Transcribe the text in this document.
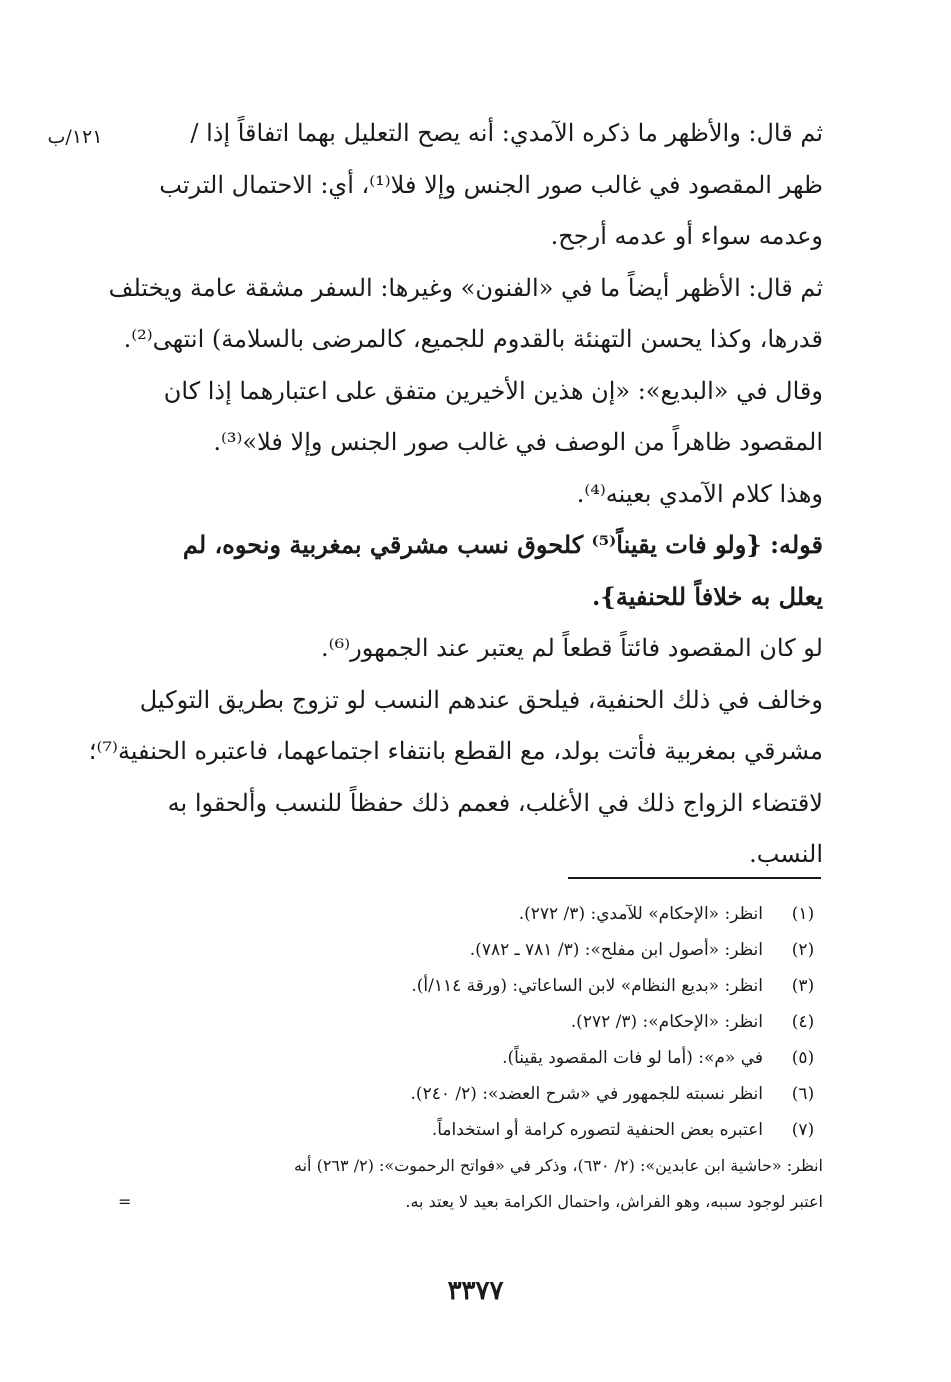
١٢١/ب	ثم قال: والأظهر ما ذكره الآمدي: أنه يصح التعليل بهما اتفاقاً إذا /
ظهر المقصود في غالب صور الجنس وإلا فلا⁽¹⁾، أي: الاحتمال الترتب
وعدمه سواء أو عدمه أرجح.
ثم قال: الأظهر أيضاً ما في «الفنون» وغيرها: السفر مشقة عامة ويختلف
قدرها، وكذا يحسن التهنئة بالقدوم للجميع، كالمرضى بالسلامة) انتهى⁽²⁾.
وقال في «البديع»: «إن هذين الأخيرين متفق على اعتبارهما إذا كان
المقصود ظاهراً من الوصف في غالب صور الجنس وإلا فلا»⁽³⁾.
وهذا كلام الآمدي بعينه⁽⁴⁾.
قوله: {ولو فات يقيناً⁽⁵⁾ كلحوق نسب مشرقي بمغربية ونحوه، لم
يعلل به خلافاً للحنفية}.
لو كان المقصود فائتاً قطعاً لم يعتبر عند الجمهور⁽⁶⁾.
وخالف في ذلك الحنفية، فيلحق عندهم النسب لو تزوج بطريق التوكيل
مشرقي بمغربية فأتت بولد، مع القطع بانتفاء اجتماعهما، فاعتبره الحنفية⁽⁷⁾؛
لاقتضاء الزواج ذلك في الأغلب، فعمم ذلك حفظاً للنسب وألحقوا به
النسب.
(١)
انظر: «الإحكام» للآمدي: (٣/ ٢٧٢).
(٢)
انظر: «أصول ابن مفلح»: (٣/ ٧٨١ ـ ٧٨٢).
(٣)
انظر: «بديع النظام» لابن الساعاتي: (ورقة ١١٤/أ).
(٤)
انظر: «الإحكام»: (٣/ ٢٧٢).
(٥)
في «م»: (أما لو فات المقصود يقيناً).
(٦)
انظر نسبته للجمهور في «شرح العضد»: (٢/ ٢٤٠).
(٧)
اعتبره بعض الحنفية لتصوره كرامة أو استخداماً.
انظر: «حاشية ابن عابدين»: (٢/ ٦٣٠)، وذكر في «فواتح الرحموت»: (٢/ ٢٦٣) أنه
اعتبر لوجود سببه، وهو الفراش، واحتمال الكرامة بعيد لا يعتد به.
=
٣٣٧٧
